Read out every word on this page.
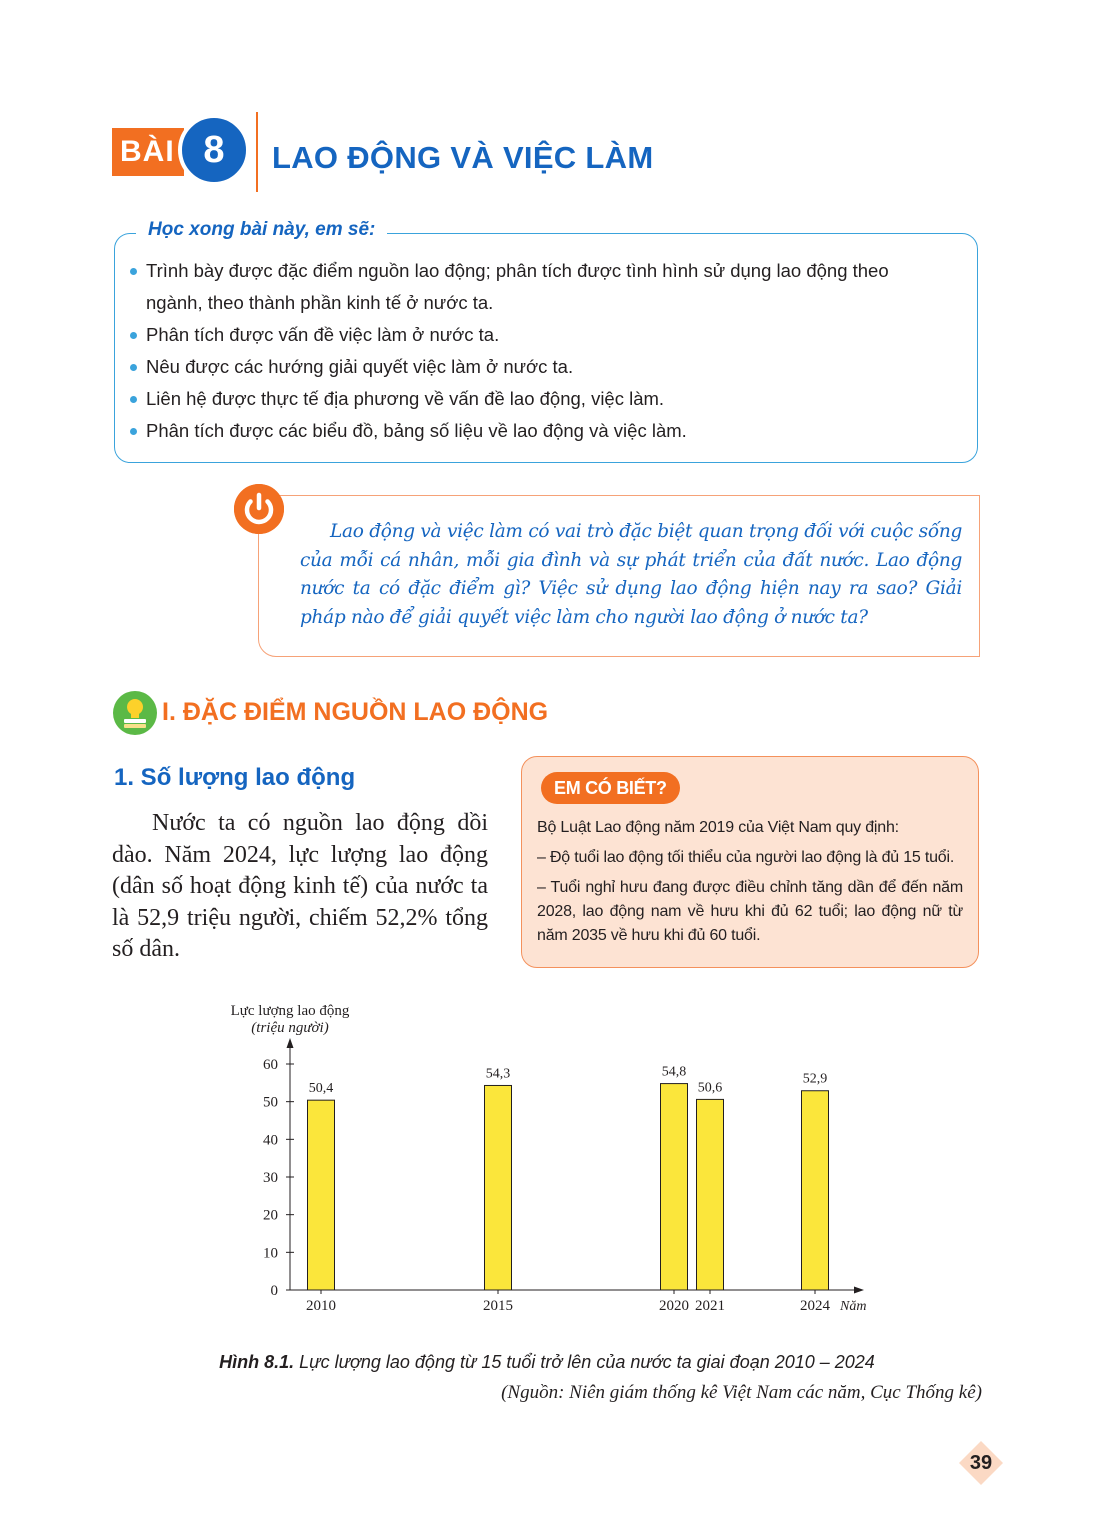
BÀI 8	LAO ĐỘNG VÀ VIỆC LÀM
Học xong bài này, em sẽ:
Trình bày được đặc điểm nguồn lao động; phân tích được tình hình sử dụng lao động theo ngành, theo thành phần kinh tế ở nước ta.
Phân tích được vấn đề việc làm ở nước ta.
Nêu được các hướng giải quyết việc làm ở nước ta.
Liên hệ được thực tế địa phương về vấn đề lao động, việc làm.
Phân tích được các biểu đồ, bảng số liệu về lao động và việc làm.
Lao động và việc làm có vai trò đặc biệt quan trọng đối với cuộc sống của mỗi cá nhân, mỗi gia đình và sự phát triển của đất nước. Lao động nước ta có đặc điểm gì? Việc sử dụng lao động hiện nay ra sao? Giải pháp nào để giải quyết việc làm cho người lao động ở nước ta?
I. ĐẶC ĐIỂM NGUỒN LAO ĐỘNG
1. Số lượng lao động
Nước ta có nguồn lao động dồi dào. Năm 2024, lực lượng lao động (dân số hoạt động kinh tế) của nước ta là 52,9 triệu người, chiếm 52,2% tổng số dân.
EM CÓ BIẾT?
Bộ Luật Lao động năm 2019 của Việt Nam quy định:
– Độ tuổi lao động tối thiểu của người lao động là đủ 15 tuổi.
– Tuổi nghỉ hưu đang được điều chỉnh tăng dần để đến năm 2028, lao động nam về hưu khi đủ 62 tuổi; lao động nữ từ năm 2035 về hưu khi đủ 60 tuổi.
Lực lượng lao động
(triệu người)
Năm
0
10
20
30
40
50
60
50,4
2010
54,3
2015
54,8
2020
50,6
2021
52,9
2024
Hình 8.1. Lực lượng lao động từ 15 tuổi trở lên của nước ta giai đoạn 2010 – 2024
(Nguồn: Niên giám thống kê Việt Nam các năm, Cục Thống kê)
39
